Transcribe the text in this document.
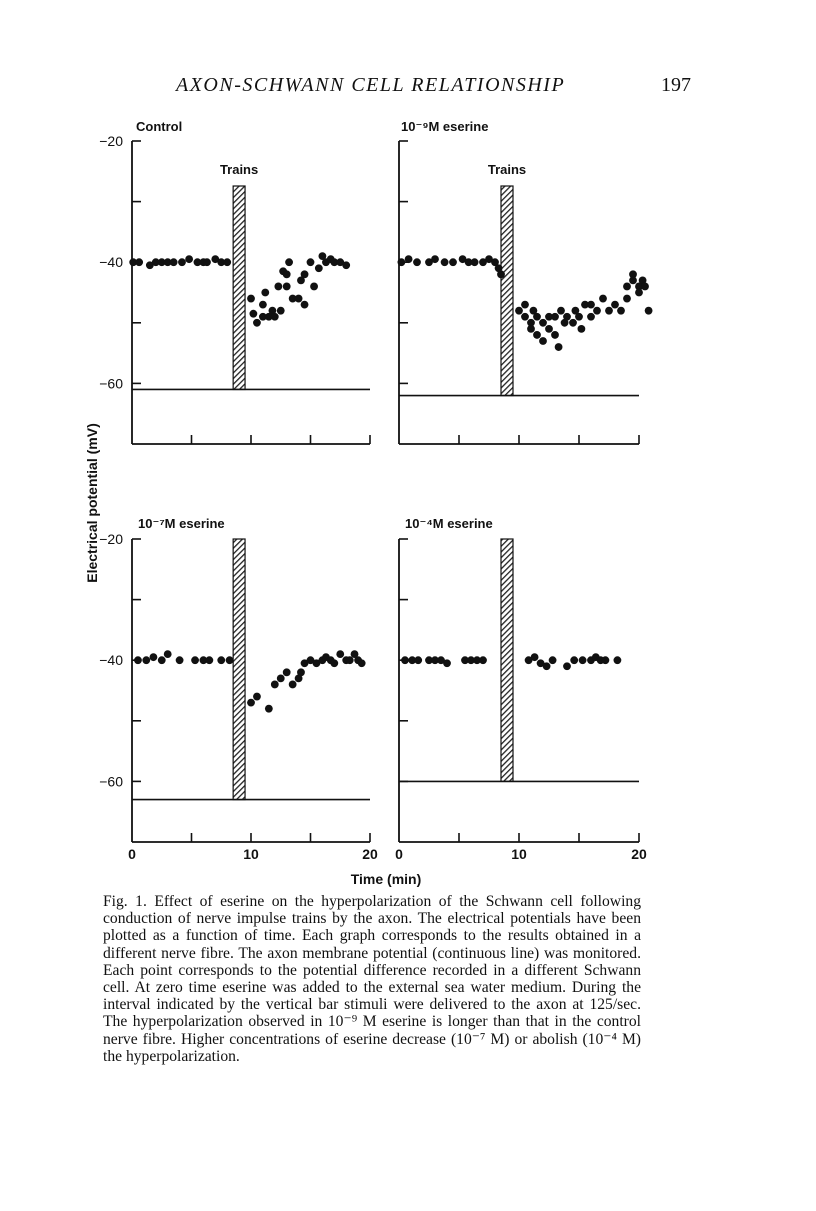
AXON-SCHWANN CELL RELATIONSHIP	197
−20
−40
−60
Trains
Control
Trains
10⁻⁹M eserine
−20
−40
−60
0	10	20
10⁻⁷M eserine
0	10	20
10⁻⁴M eserine
Time (min)
Electrical potential (mV)
Fig. 1. Effect of eserine on the hyperpolarization of the Schwann cell following conduction of nerve impulse trains by the axon. The electrical potentials have been plotted as a function of time. Each graph corresponds to the results obtained in a different nerve fibre. The axon membrane potential (continuous line) was monitored. Each point corresponds to the potential difference recorded in a different Schwann cell. At zero time eserine was added to the external sea water medium. During the interval indicated by the vertical bar stimuli were delivered to the axon at 125/sec. The hyperpolarization observed in 10⁻⁹ M eserine is longer than that in the control nerve fibre. Higher concentrations of eserine decrease (10⁻⁷ M) or abolish (10⁻⁴ M) the hyperpolarization.
